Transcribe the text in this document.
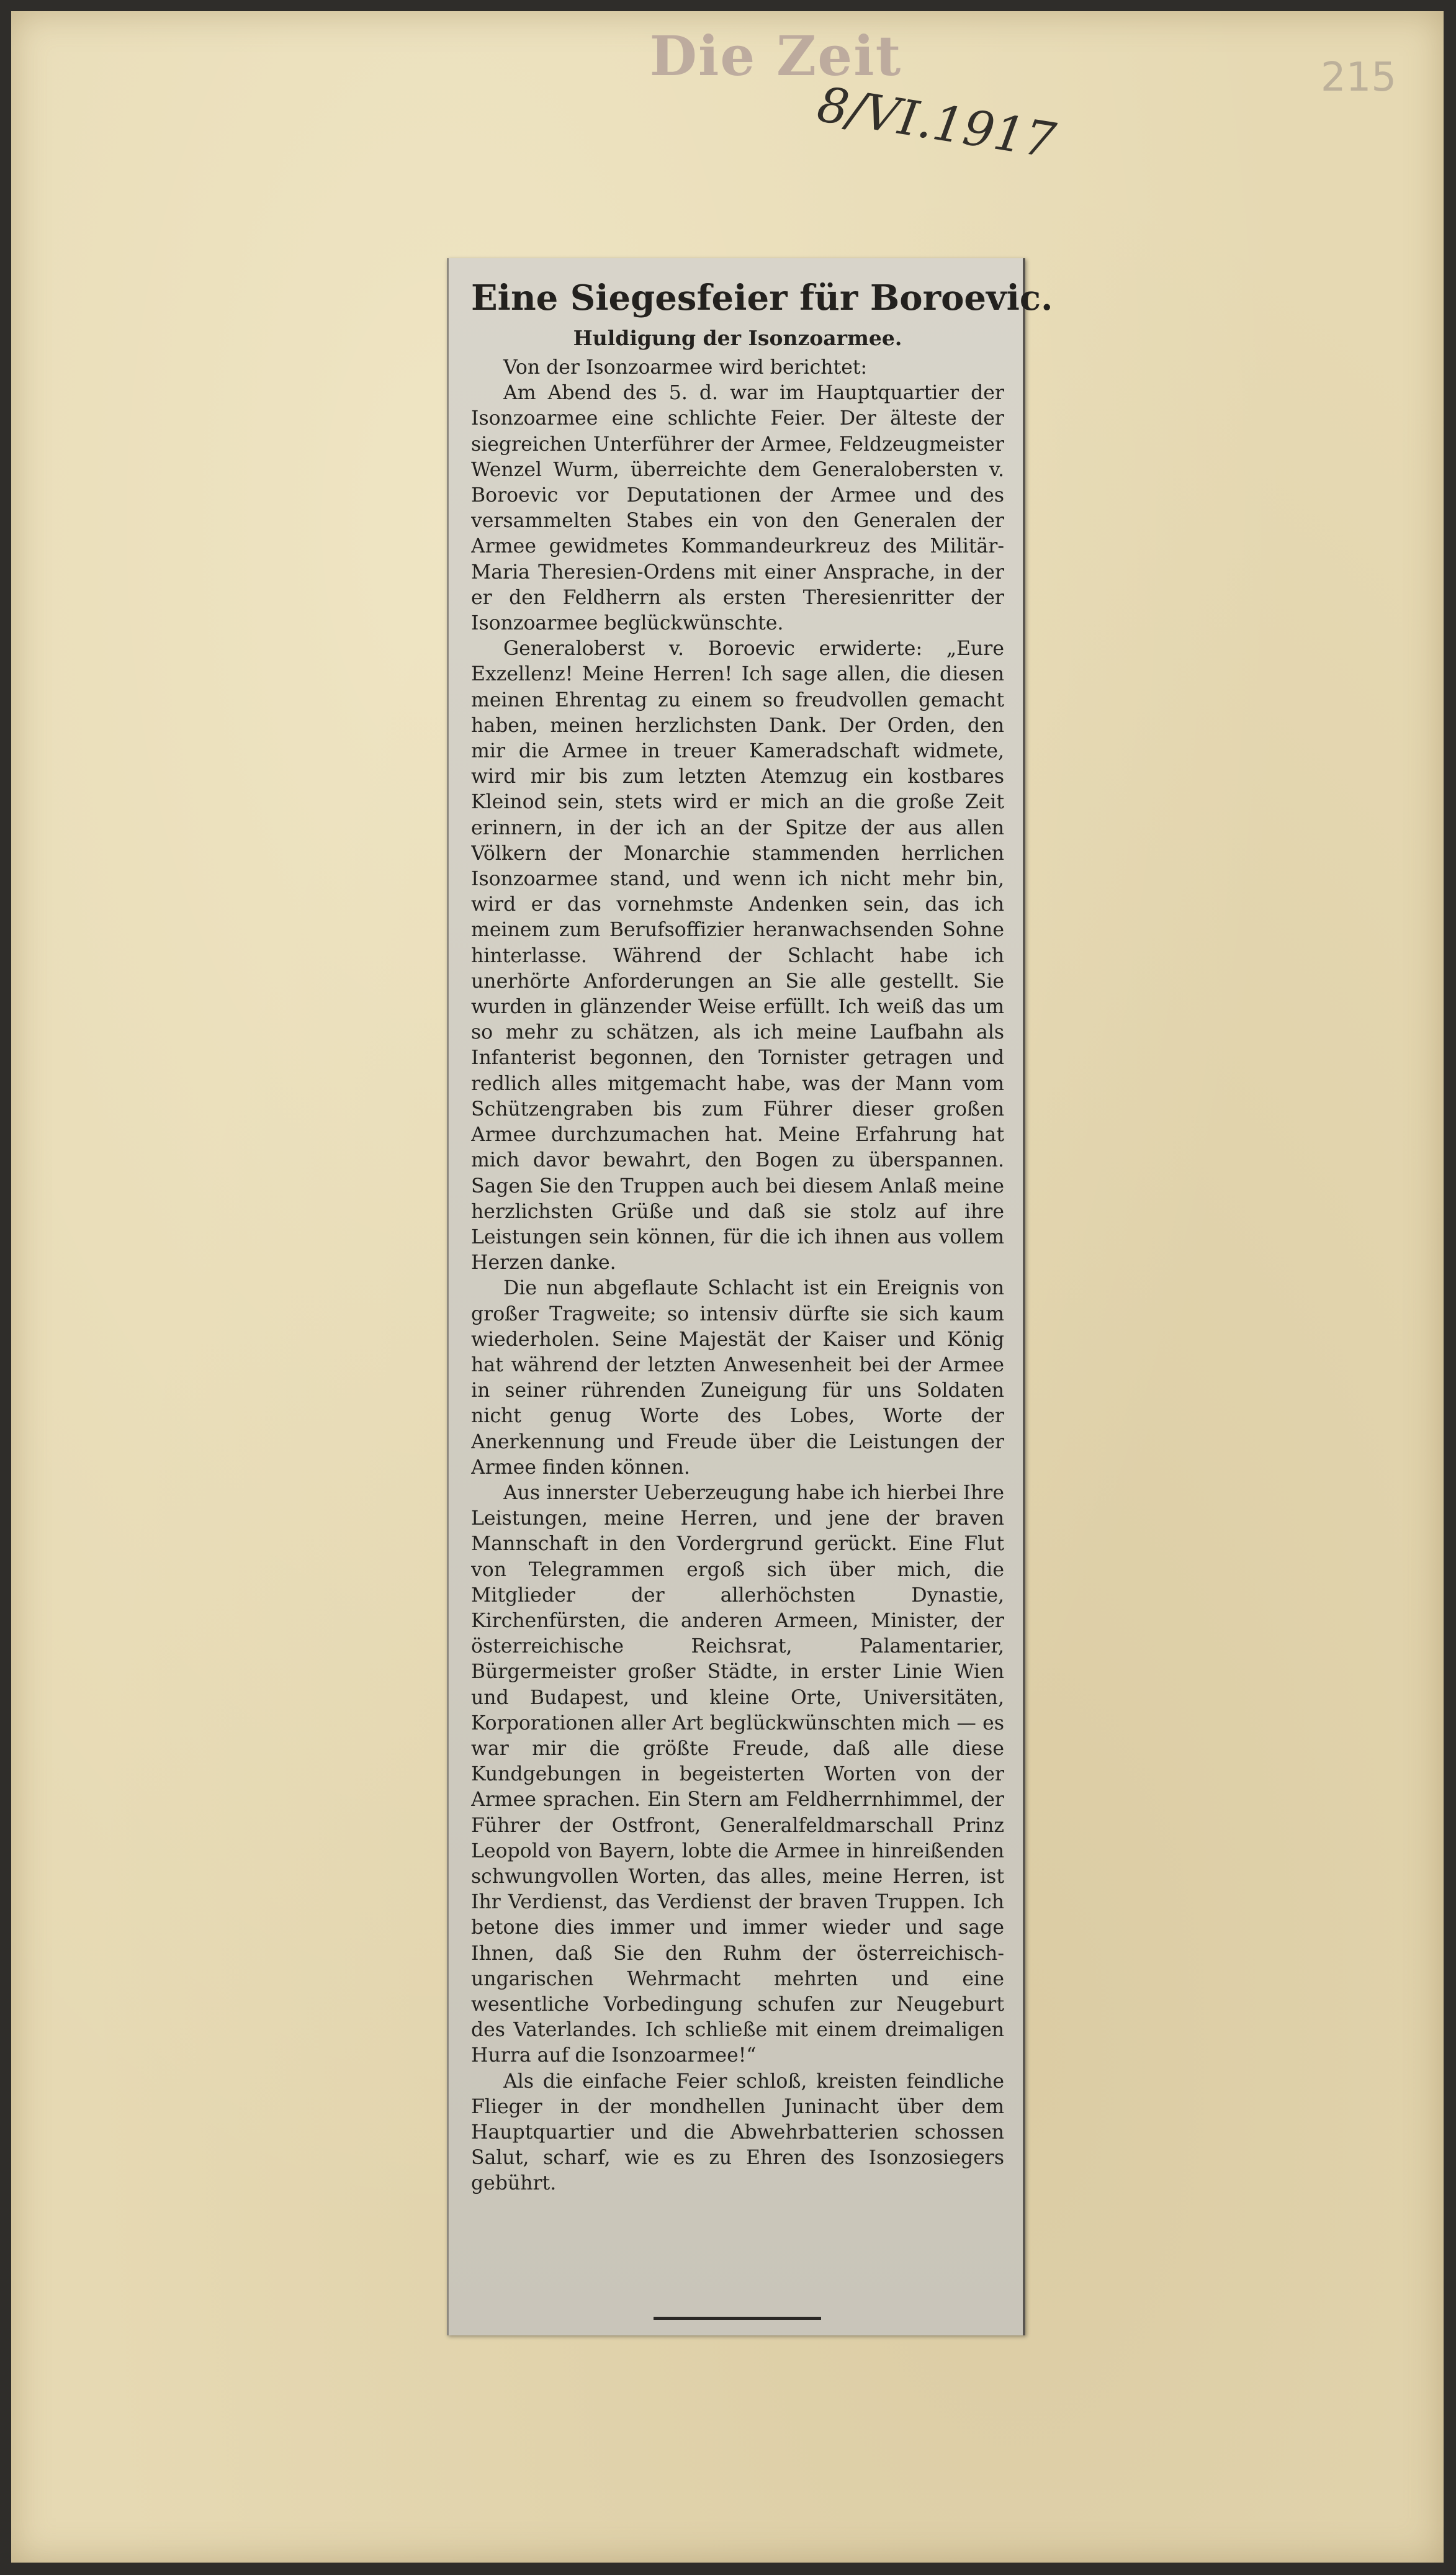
Die Zeit
8/VI.1917	215
Eine Siegesfeier für Boroevic.
Huldigung der Isonzoarmee.

Von der Isonzoarmee wird berichtet:

Am Abend des 5. d. war im Hauptquartier der Isonzoarmee eine schlichte Feier. Der älteste der siegreichen Unterführer der Armee, Feldzeugmeister Wenzel Wurm, überreichte dem Generalobersten v. Boroevic vor Deputationen der Armee und des versammelten Stabes ein von den Generalen der Armee gewidmetes Kommandeurkreuz des Militär-Maria Theresien-Ordens mit einer Ansprache, in der er den Feldherrn als ersten Theresienritter der Isonzoarmee beglückwünschte.

Generaloberst v. Boroevic erwiderte: „Eure Exzellenz! Meine Herren! Ich sage allen, die diesen meinen Ehrentag zu einem so freudvollen gemacht haben, meinen herzlichsten Dank. Der Orden, den mir die Armee in treuer Kameradschaft widmete, wird mir bis zum letzten Atemzug ein kostbares Kleinod sein, stets wird er mich an die große Zeit erinnern, in der ich an der Spitze der aus allen Völkern der Monarchie stammenden herrlichen Isonzoarmee stand, und wenn ich nicht mehr bin, wird er das vornehmste Andenken sein, das ich meinem zum Berufsoffizier heranwachsenden Sohne hinterlasse. Während der Schlacht habe ich unerhörte Anforderungen an Sie alle gestellt. Sie wurden in glänzender Weise erfüllt. Ich weiß das um so mehr zu schätzen, als ich meine Laufbahn als Infanterist begonnen, den Tornister getragen und redlich alles mitgemacht habe, was der Mann vom Schützengraben bis zum Führer dieser großen Armee durchzumachen hat. Meine Erfahrung hat mich davor bewahrt, den Bogen zu überspannen. Sagen Sie den Truppen auch bei diesem Anlaß meine herzlichsten Grüße und daß sie stolz auf ihre Leistungen sein können, für die ich ihnen aus vollem Herzen danke.

Die nun abgeflaute Schlacht ist ein Ereignis von großer Tragweite; so intensiv dürfte sie sich kaum wiederholen. Seine Majestät der Kaiser und König hat während der letzten Anwesenheit bei der Armee in seiner rührenden Zuneigung für uns Soldaten nicht genug Worte des Lobes, Worte der Anerkennung und Freude über die Leistungen der Armee finden können.

Aus innerster Ueberzeugung habe ich hierbei Ihre Leistungen, meine Herren, und jene der braven Mannschaft in den Vordergrund gerückt. Eine Flut von Telegrammen ergoß sich über mich, die Mitglieder der allerhöchsten Dynastie, Kirchenfürsten, die anderen Armeen, Minister, der österreichische Reichsrat, Palamentarier, Bürgermeister großer Städte, in erster Linie Wien und Budapest, und kleine Orte, Universitäten, Korporationen aller Art beglückwünschten mich — es war mir die größte Freude, daß alle diese Kundgebungen in begeisterten Worten von der Armee sprachen. Ein Stern am Feldherrnhimmel, der Führer der Ostfront, Generalfeldmarschall Prinz Leopold von Bayern, lobte die Armee in hinreißenden schwungvollen Worten, das alles, meine Herren, ist Ihr Verdienst, das Verdienst der braven Truppen. Ich betone dies immer und immer wieder und sage Ihnen, daß Sie den Ruhm der österreichisch-ungarischen Wehrmacht mehrten und eine wesentliche Vorbedingung schufen zur Neugeburt des Vaterlandes. Ich schließe mit einem dreimaligen Hurra auf die Isonzoarmee!“

Als die einfache Feier schloß, kreisten feindliche Flieger in der mondhellen Juninacht über dem Hauptquartier und die Abwehrbatterien schossen Salut, scharf, wie es zu Ehren des Isonzosiegers gebührt.
